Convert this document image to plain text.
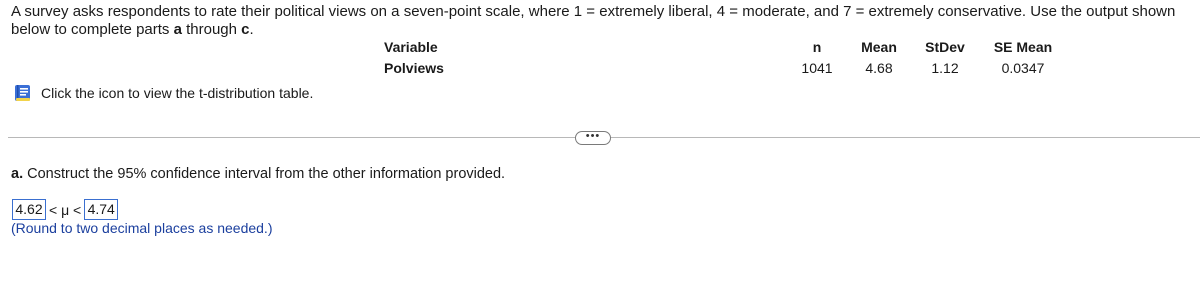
A survey asks respondents to rate their political views on a seven-point scale, where 1 = extremely liberal, 4 = moderate, and 7 = extremely conservative. Use the output shown below to complete parts a through c.
Variable	n	Mean	StDev	SE Mean
Polviews	1041	4.68	1.12	0.0347
Click the icon to view the t-distribution table.
•••
a. Construct the 95% confidence interval from the other information provided.
4.62 < μ < 4.74
(Round to two decimal places as needed.)
